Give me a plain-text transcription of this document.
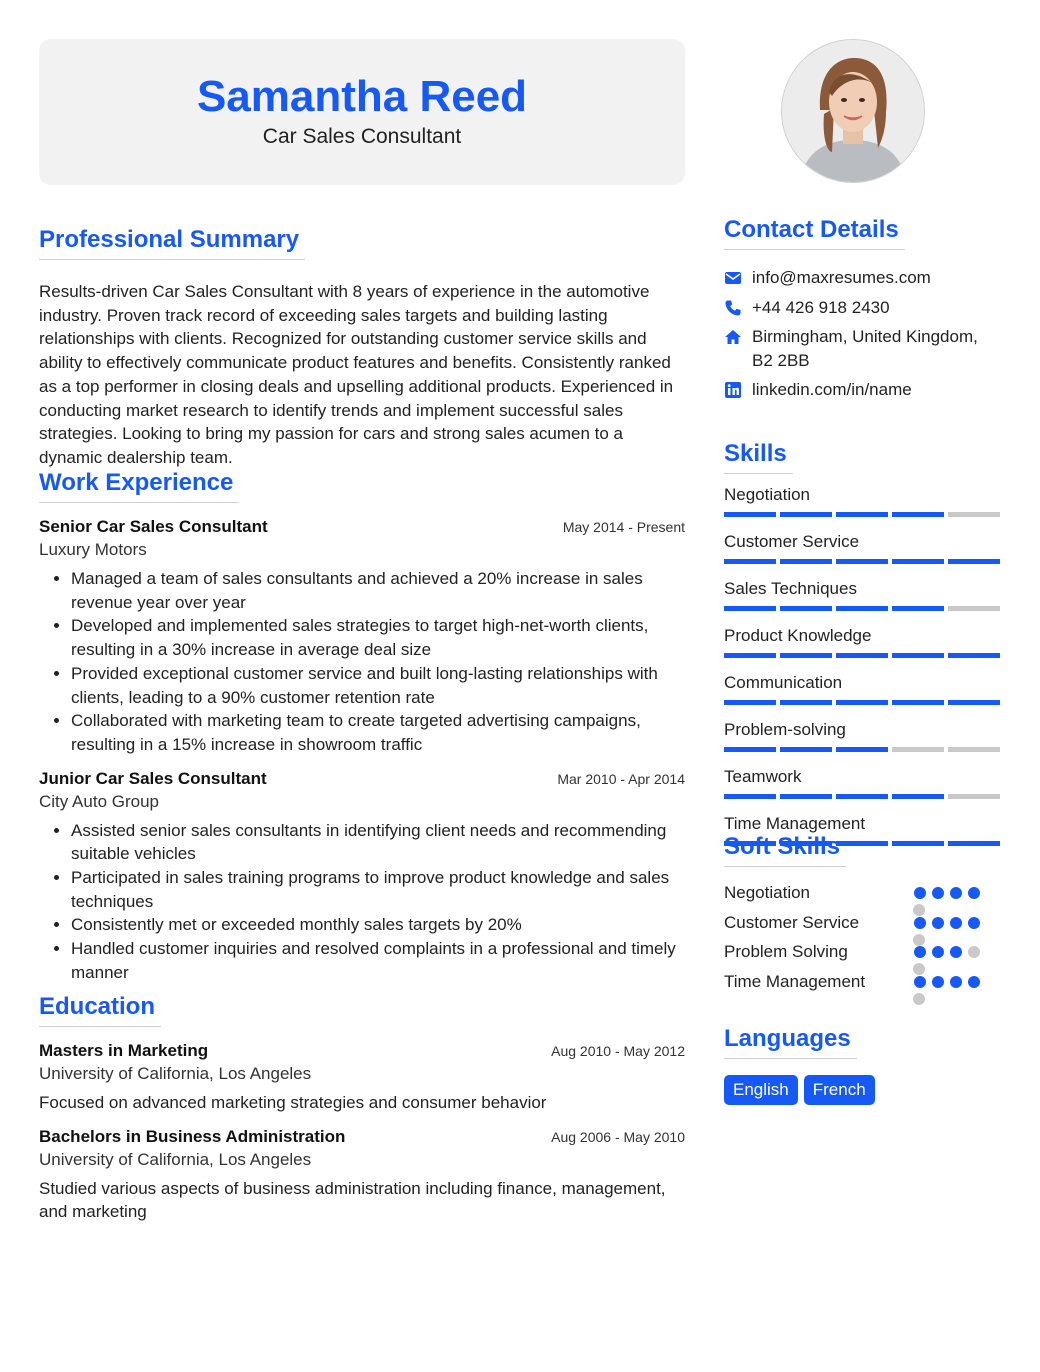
Samantha Reed
Car Sales Consultant
Professional Summary
Results-driven Car Sales Consultant with 8 years of experience in the automotive industry. Proven track record of exceeding sales targets and building lasting relationships with clients. Recognized for outstanding customer service skills and ability to effectively communicate product features and benefits. Consistently ranked as a top performer in closing deals and upselling additional products. Experienced in conducting market research to identify trends and implement successful sales strategies. Looking to bring my passion for cars and strong sales acumen to a dynamic dealership team.
Work Experience
Senior Car Sales Consultant	May 2014 - Present
Luxury Motors
• Managed a team of sales consultants and achieved a 20% increase in sales revenue year over year
• Developed and implemented sales strategies to target high-net-worth clients, resulting in a 30% increase in average deal size
• Provided exceptional customer service and built long-lasting relationships with clients, leading to a 90% customer retention rate
• Collaborated with marketing team to create targeted advertising campaigns, resulting in a 15% increase in showroom traffic
Junior Car Sales Consultant	Mar 2010 - Apr 2014
City Auto Group
• Assisted senior sales consultants in identifying client needs and recommending suitable vehicles
• Participated in sales training programs to improve product knowledge and sales techniques
• Consistently met or exceeded monthly sales targets by 20%
• Handled customer inquiries and resolved complaints in a professional and timely manner
Education
Masters in Marketing	Aug 2010 - May 2012
University of California, Los Angeles
Focused on advanced marketing strategies and consumer behavior
Bachelors in Business Administration	Aug 2006 - May 2010
University of California, Los Angeles
Studied various aspects of business administration including finance, management, and marketing
Contact Details
info@maxresumes.com
+44 426 918 2430
Birmingham, United Kingdom, B2 2BB
linkedin.com/in/name
Skills
Negotiation
Customer Service
Sales Techniques
Product Knowledge
Communication
Problem-solving
Teamwork
Time Management
Soft Skills
Negotiation
Customer Service
Problem Solving
Time Management
Languages
English	French
